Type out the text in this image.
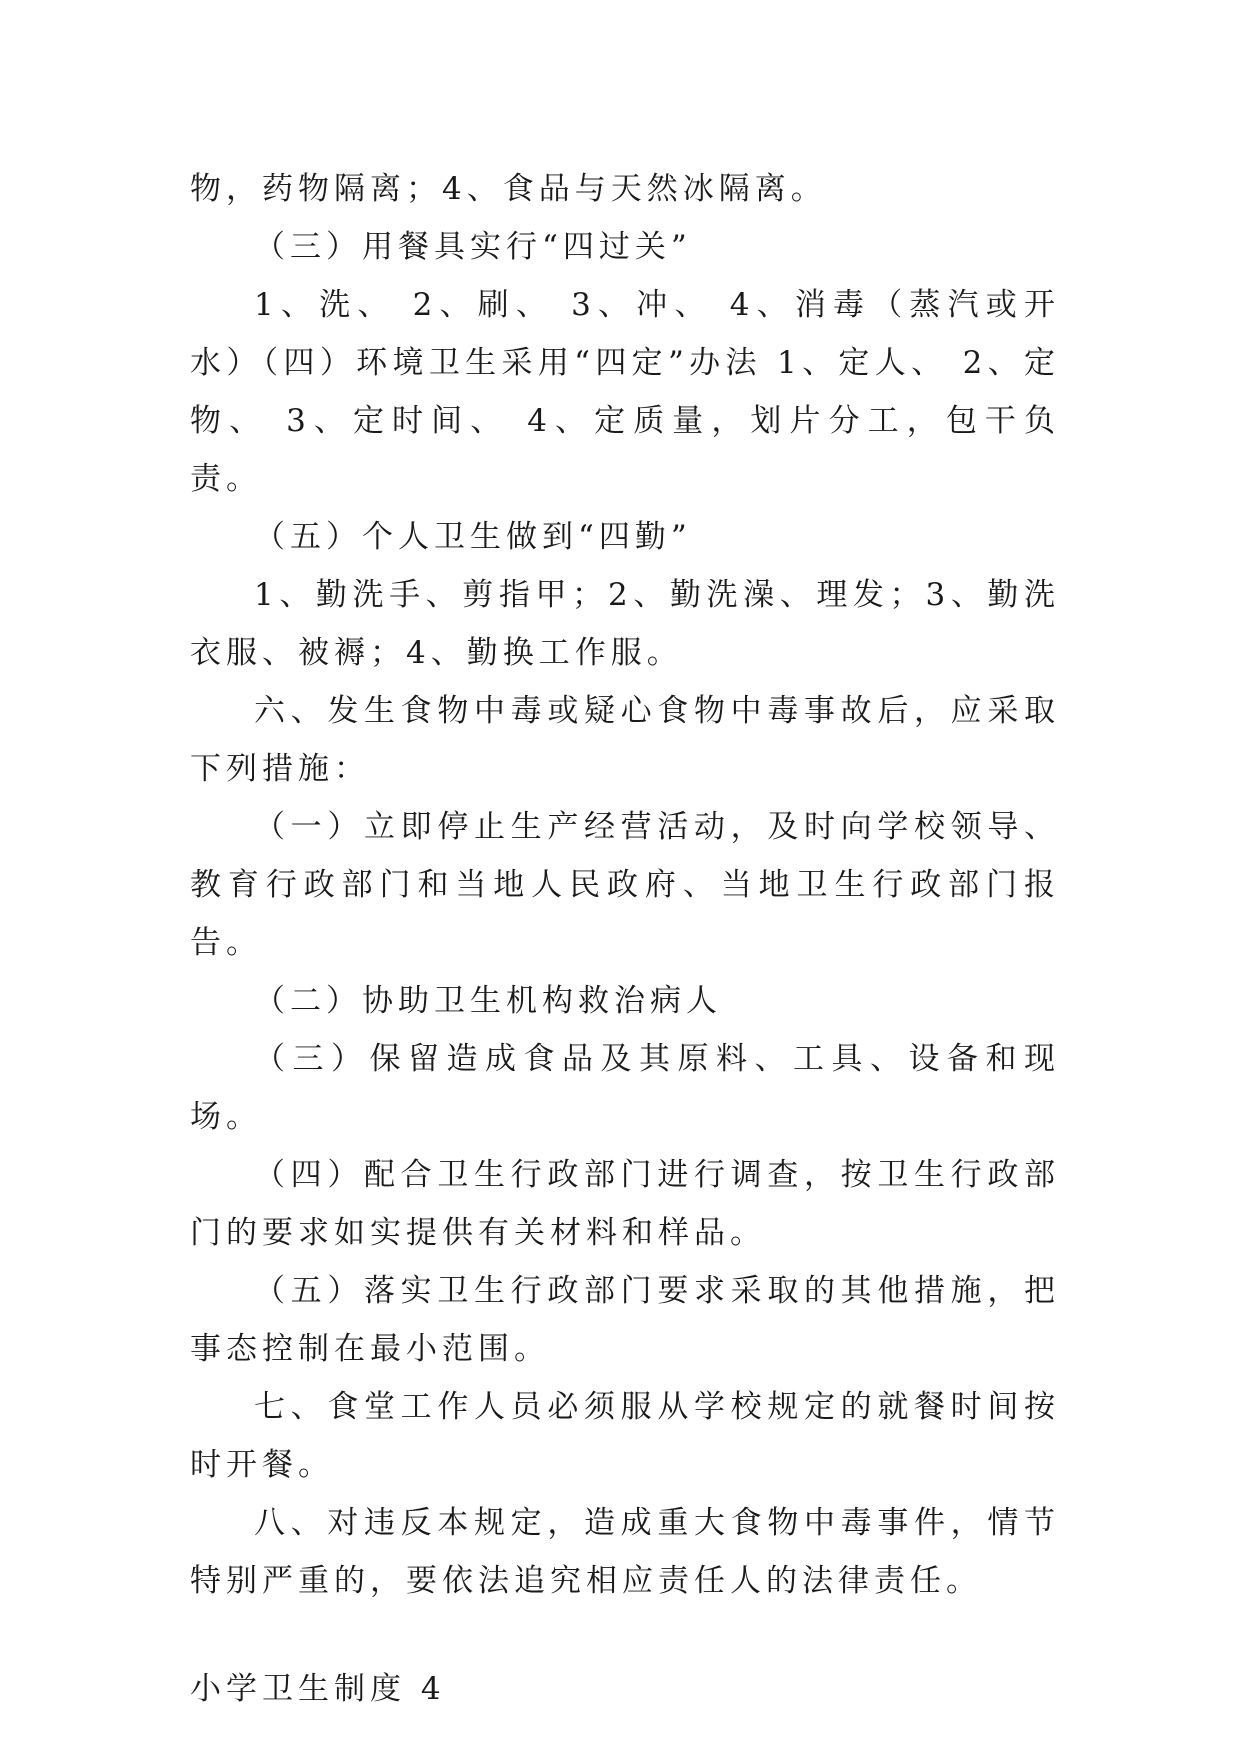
物，药物隔离；4、食品与天然冰隔离。

（三）用餐具实行“四过关”

1、洗、 2、刷、 3、冲、 4、消毒（蒸汽或开水）（四）环境卫生采用“四定”办法 1、定人、 2、定物、 3、定时间、 4、定质量，划片分工，包干负责。

（五）个人卫生做到“四勤”

1、勤洗手、剪指甲；2、勤洗澡、理发；3、勤洗衣服、被褥；4、勤换工作服。

六、发生食物中毒或疑心食物中毒事故后，应采取下列措施：

（一）立即停止生产经营活动，及时向学校领导、教育行政部门和当地人民政府、当地卫生行政部门报告。

（二）协助卫生机构救治病人

（三）保留造成食品及其原料、工具、设备和现场。

（四）配合卫生行政部门进行调查，按卫生行政部门的要求如实提供有关材料和样品。

（五）落实卫生行政部门要求采取的其他措施，把事态控制在最小范围。

七、食堂工作人员必须服从学校规定的就餐时间按时开餐。

八、对违反本规定，造成重大食物中毒事件，情节特别严重的，要依法追究相应责任人的法律责任。

小学卫生制度 4
